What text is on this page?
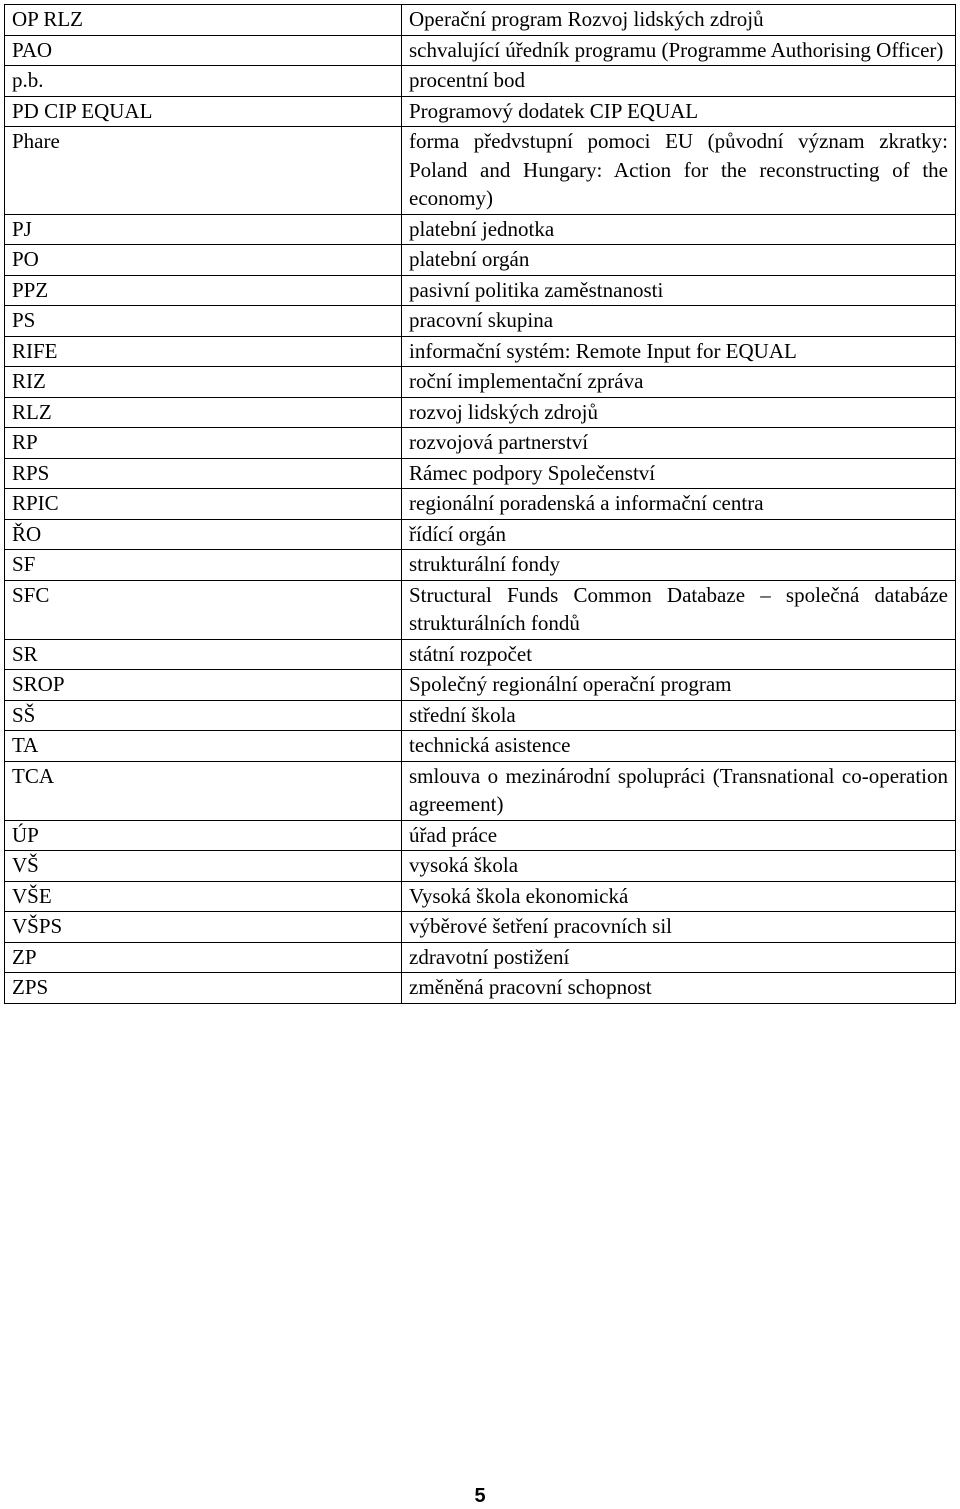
OP RLZ	Operační program Rozvoj lidských zdrojů
PAO	schvalující úředník programu (Programme Authorising Officer)
p.b.	procentní bod
PD CIP EQUAL	Programový dodatek CIP EQUAL
Phare	forma předvstupní pomoci EU (původní význam zkratky: Poland and Hungary: Action for the reconstructing of the economy)
PJ	platební jednotka
PO	platební orgán
PPZ	pasivní politika zaměstnanosti
PS	pracovní skupina
RIFE	informační systém: Remote Input for EQUAL
RIZ	roční implementační zpráva
RLZ	rozvoj lidských zdrojů
RP	rozvojová partnerství
RPS	Rámec podpory Společenství
RPIC	regionální poradenská a informační centra
ŘO	řídící orgán
SF	strukturální fondy
SFC	Structural Funds Common Databaze – společná databáze strukturálních fondů
SR	státní rozpočet
SROP	Společný regionální operační program
SŠ	střední škola
TA	technická asistence
TCA	smlouva o mezinárodní spolupráci (Transnational co-operation agreement)
ÚP	úřad práce
VŠ	vysoká škola
VŠE	Vysoká škola ekonomická
VŠPS	výběrové šetření pracovních sil
ZP	zdravotní postižení
ZPS	změněná pracovní schopnost
5
